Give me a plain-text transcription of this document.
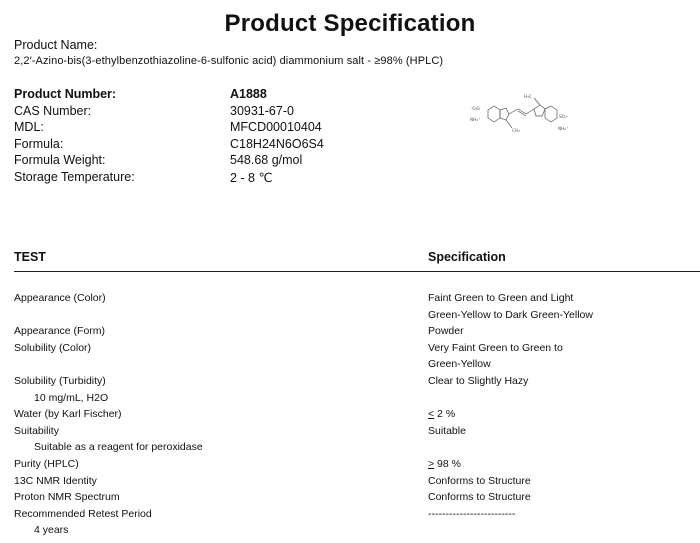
Product Specification
Product Name:
2,2′-Azino-bis(3-ethylbenzothiazoline-6-sulfonic acid) diammonium salt - ≥98% (HPLC)
Product Number:	A1888
CAS Number:	30931-67-0
MDL:	MFCD00010404
Formula:	C18H24N6O6S4
Formula Weight:	548.68 g/mol
Storage Temperature:	2 - 8 ℃
⁻O₃S
NH₄⁺
H₃C
CH₃
SO₃⁻
NH₄⁺
TEST	Specification
Appearance (Color)	Faint Green to Green and Light
Green-Yellow to Dark Green-Yellow
Appearance (Form)	Powder
Solubility (Color)	Very Faint Green to Green to
Green-Yellow
Solubility (Turbidity)	Clear to Slightly Hazy
10 mg/mL, H2O
Water (by Karl Fischer)	≤ 2 %
Suitability	Suitable
Suitable as a reagent for peroxidase
Purity (HPLC)	≥ 98 %
13C NMR Identity	Conforms to Structure
Proton NMR Spectrum	Conforms to Structure
Recommended Retest Period	-------------------------
4 years
